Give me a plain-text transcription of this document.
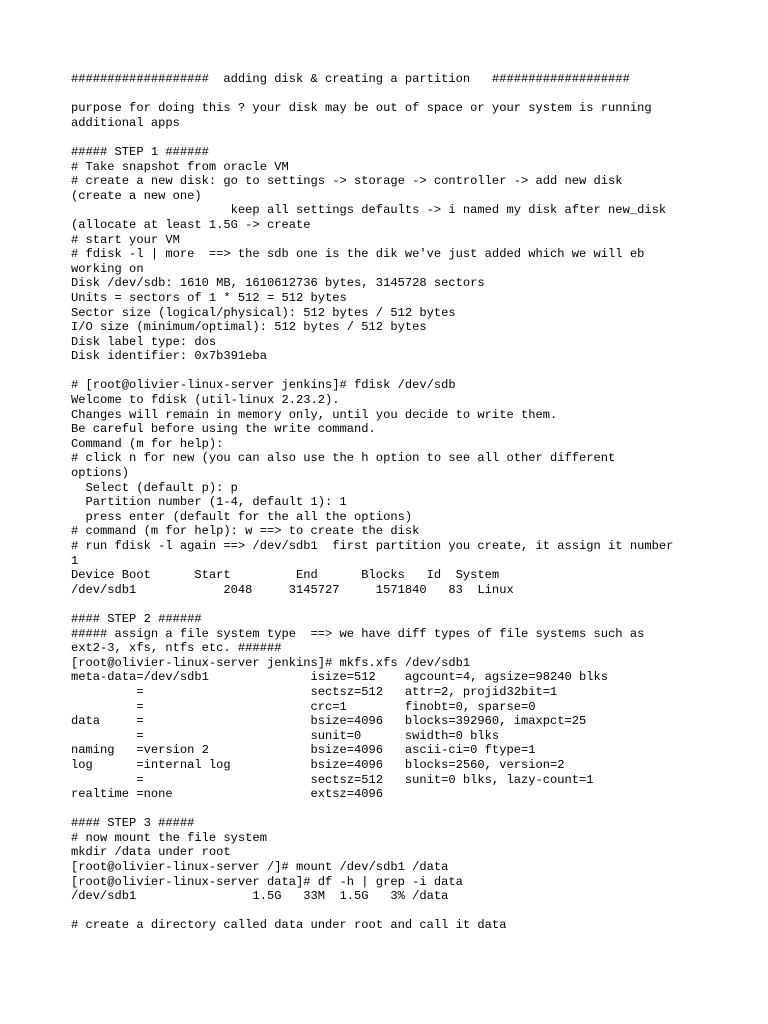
###################  adding disk & creating a partition   ###################
purpose for doing this ? your disk may be out of space or your system is running
additional apps
##### STEP 1 ######
# Take snapshot from oracle VM
# create a new disk: go to settings -> storage -> controller -> add new disk
(create a new one)
keep all settings defaults -> i named my disk after new_disk
(allocate at least 1.5G -> create
# start your VM
# fdisk -l | more  ==> the sdb one is the dik we've just added which we will eb
working on
Disk /dev/sdb: 1610 MB, 1610612736 bytes, 3145728 sectors
Units = sectors of 1 * 512 = 512 bytes
Sector size (logical/physical): 512 bytes / 512 bytes
I/O size (minimum/optimal): 512 bytes / 512 bytes
Disk label type: dos
Disk identifier: 0x7b391eba
# [root@olivier-linux-server jenkins]# fdisk /dev/sdb
Welcome to fdisk (util-linux 2.23.2).
Changes will remain in memory only, until you decide to write them.
Be careful before using the write command.
Command (m for help):
# click n for new (you can also use the h option to see all other different
options)
Select (default p): p
Partition number (1-4, default 1): 1
press enter (default for the all the options)
# command (m for help): w ==> to create the disk
# run fdisk -l again ==> /dev/sdb1  first partition you create, it assign it number
1
Device Boot      Start         End      Blocks   Id  System
/dev/sdb1            2048     3145727     1571840   83  Linux
#### STEP 2 ######
##### assign a file system type  ==> we have diff types of file systems such as
ext2-3, xfs, ntfs etc. ######
[root@olivier-linux-server jenkins]# mkfs.xfs /dev/sdb1
meta-data=/dev/sdb1              isize=512    agcount=4, agsize=98240 blks
=                       sectsz=512   attr=2, projid32bit=1
=                       crc=1        finobt=0, sparse=0
data     =                       bsize=4096   blocks=392960, imaxpct=25
=                       sunit=0      swidth=0 blks
naming   =version 2              bsize=4096   ascii-ci=0 ftype=1
log      =internal log           bsize=4096   blocks=2560, version=2
=                       sectsz=512   sunit=0 blks, lazy-count=1
realtime =none                   extsz=4096
#### STEP 3 #####
# now mount the file system
mkdir /data under root
[root@olivier-linux-server /]# mount /dev/sdb1 /data
[root@olivier-linux-server data]# df -h | grep -i data
/dev/sdb1                1.5G   33M  1.5G   3% /data
# create a directory called data under root and call it data
